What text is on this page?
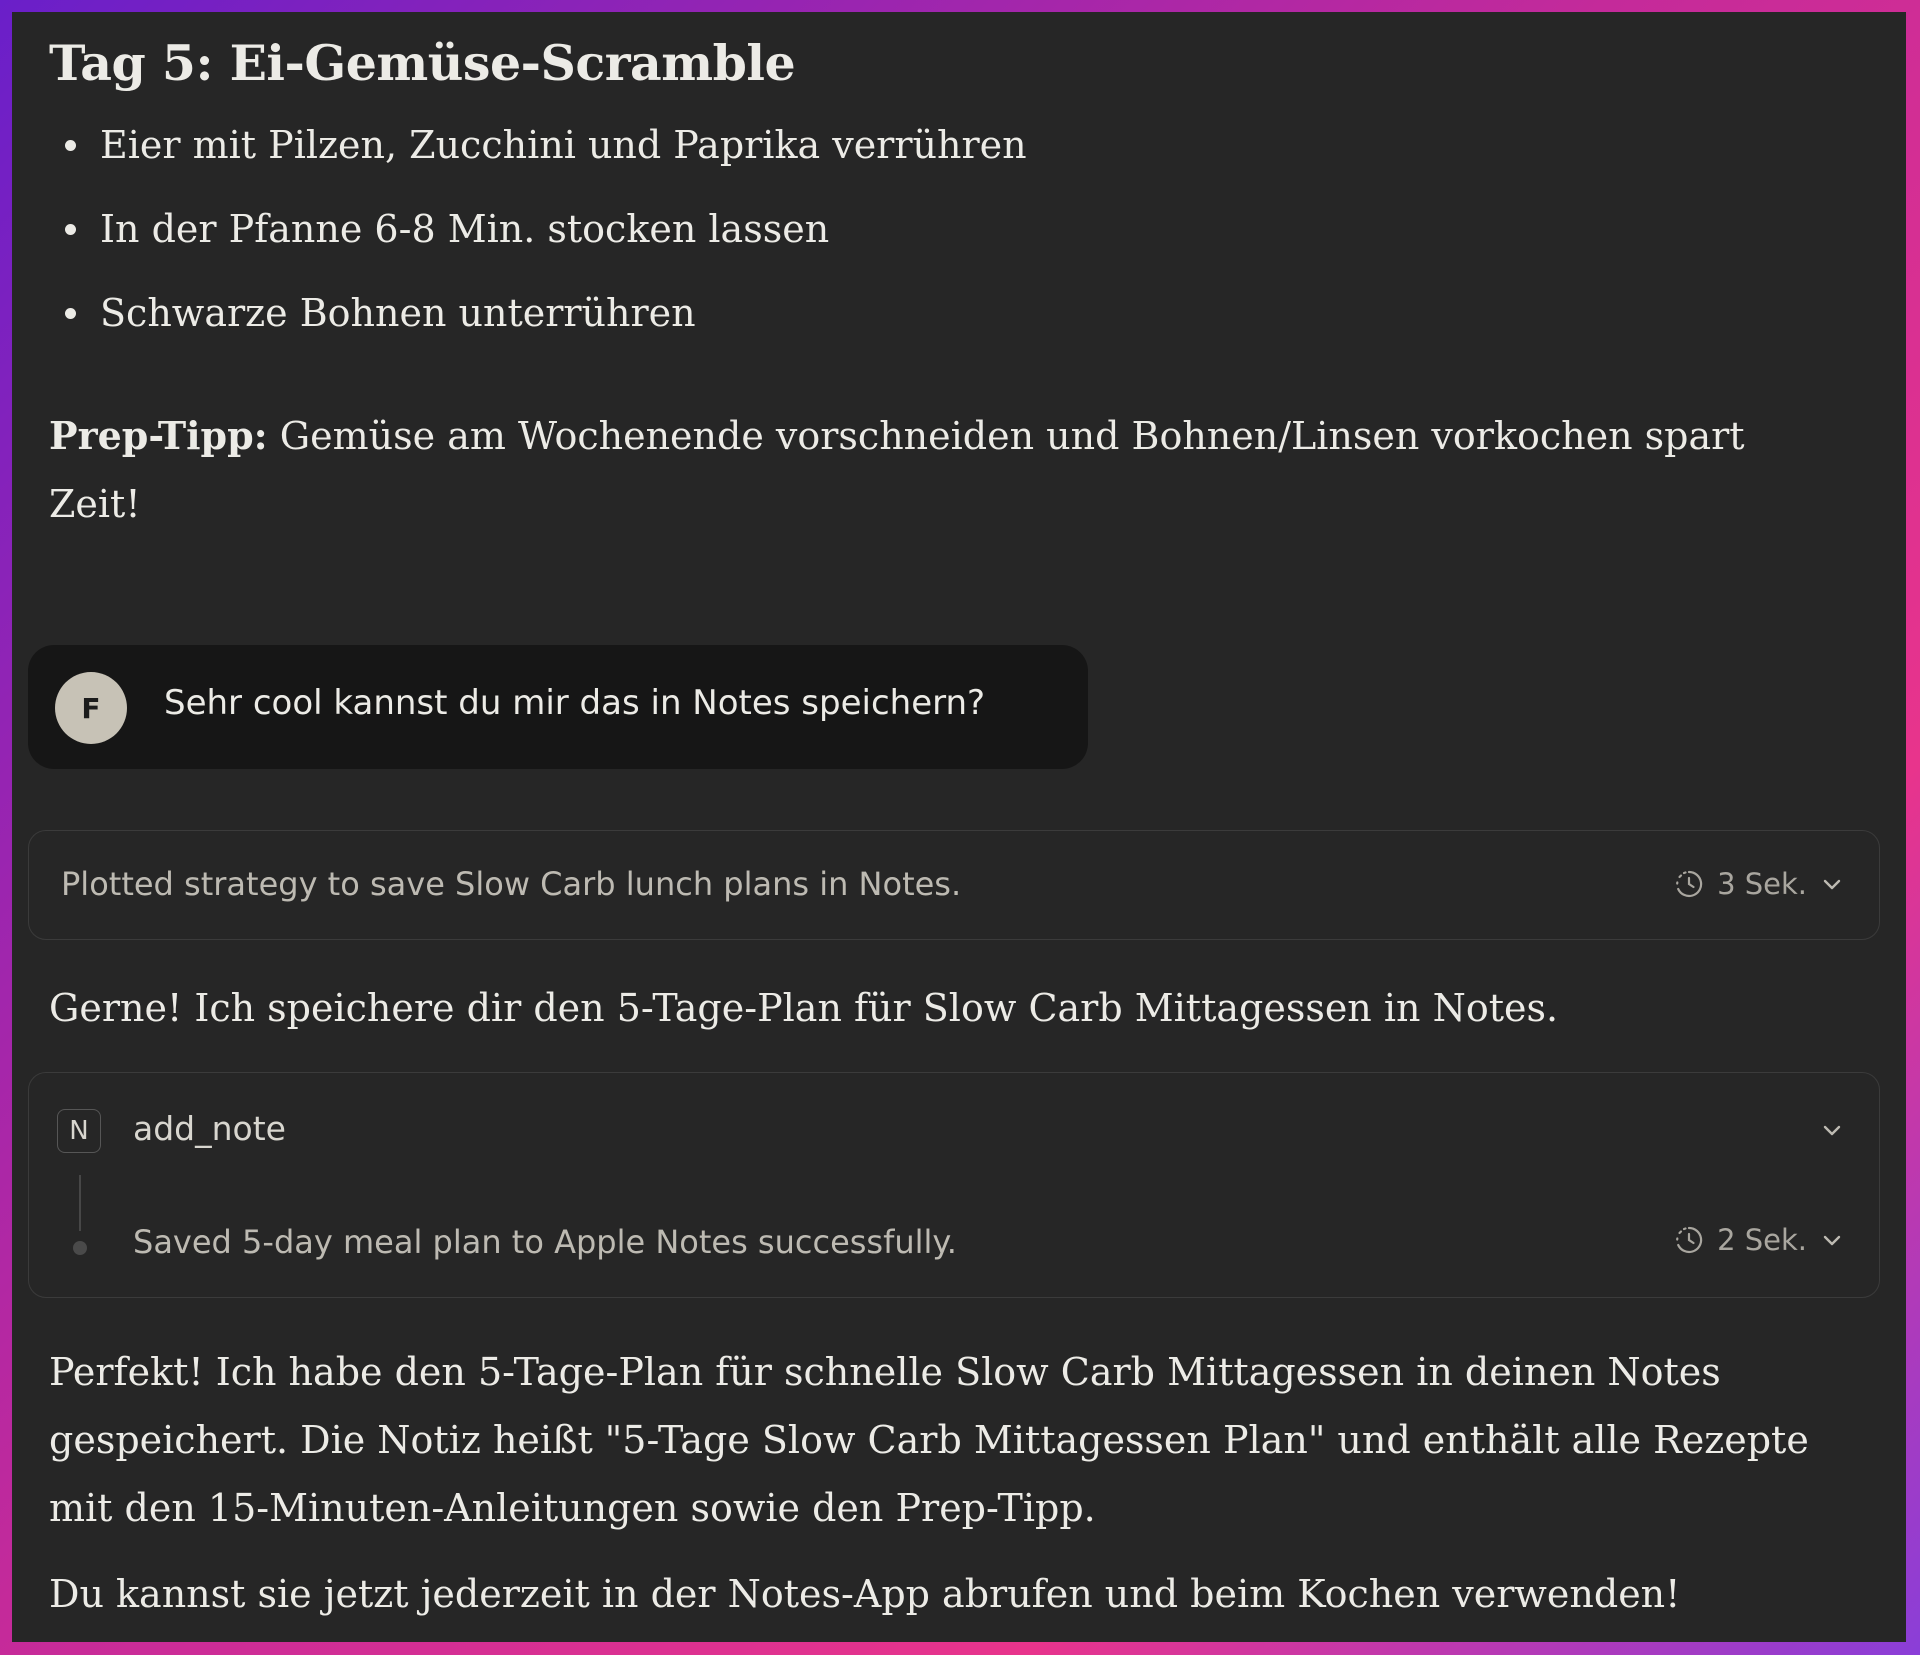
Tag 5: Ei-Gemüse-Scramble
Eier mit Pilzen, Zucchini und Paprika verrühren
In der Pfanne 6-8 Min. stocken lassen
Schwarze Bohnen unterrühren

Prep-Tipp: Gemüse am Wochenende vorschneiden und Bohnen/Linsen vorkochen spart Zeit!

F	Sehr cool kannst du mir das in Notes speichern?
Plotted strategy to save Slow Carb lunch plans in Notes.	3 Sek.
Gerne! Ich speichere dir den 5-Tage-Plan für Slow Carb Mittagessen in Notes.
N	add_note
Saved 5-day meal plan to Apple Notes successfully.	2 Sek.

Perfekt! Ich habe den 5-Tage-Plan für schnelle Slow Carb Mittagessen in deinen Notes gespeichert. Die Notiz heißt "5-Tage Slow Carb Mittagessen Plan" und enthält alle Rezepte mit den 15-Minuten-Anleitungen sowie den Prep-Tipp.

Du kannst sie jetzt jederzeit in der Notes-App abrufen und beim Kochen verwenden!
